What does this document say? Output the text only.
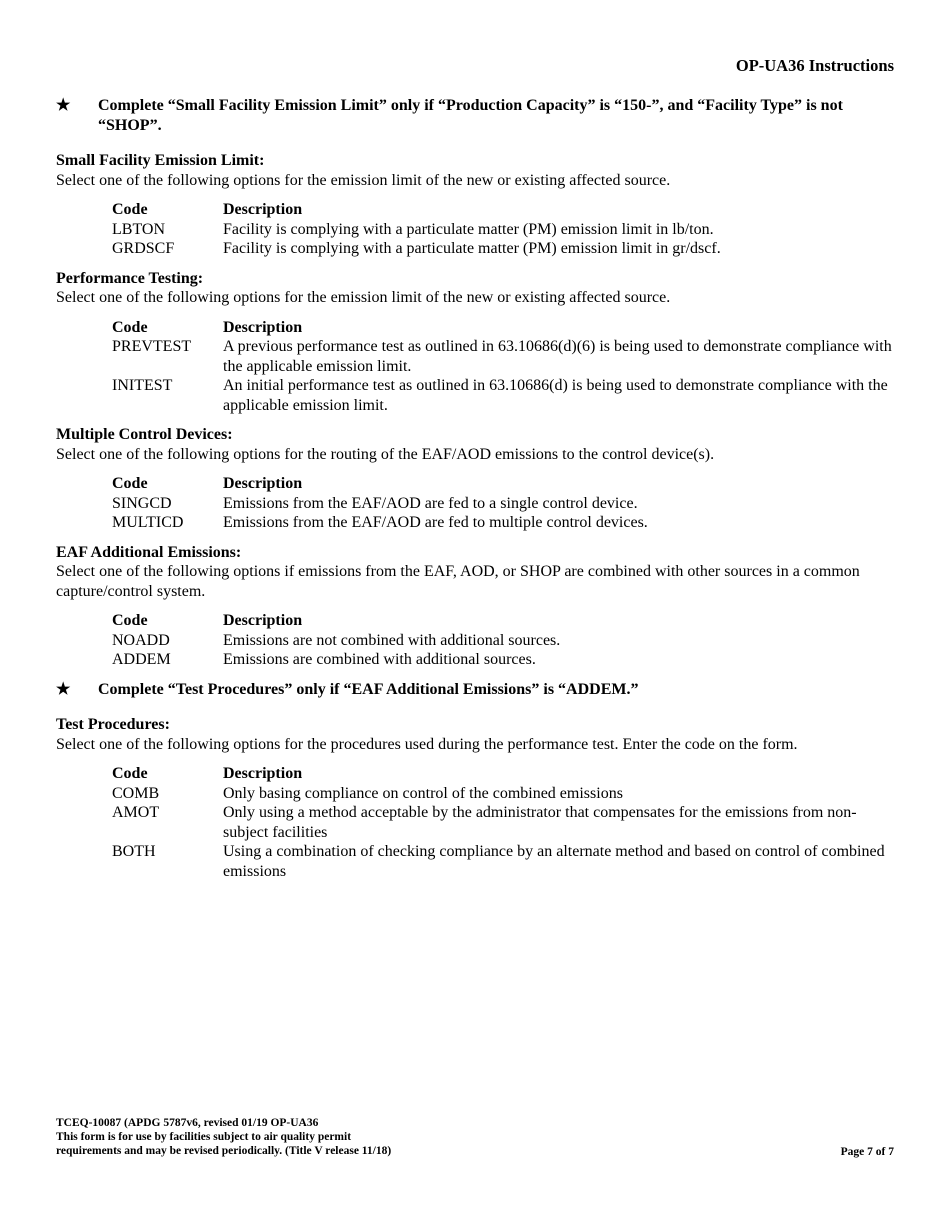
OP-UA36 Instructions
★	Complete “Small Facility Emission Limit” only if “Production Capacity” is “150-”, and “Facility Type” is not “SHOP”.
Small Facility Emission Limit:
Select one of the following options for the emission limit of the new or existing affected source.
Code	Description
LBTON	Facility is complying with a particulate matter (PM) emission limit in lb/ton.
GRDSCF	Facility is complying with a particulate matter (PM) emission limit in gr/dscf.
Performance Testing:
Select one of the following options for the emission limit of the new or existing affected source.
Code	Description
PREVTEST	A previous performance test as outlined in 63.10686(d)(6) is being used to demonstrate compliance with the applicable emission limit.
INITEST	An initial performance test as outlined in 63.10686(d) is being used to demonstrate compliance with the applicable emission limit.
Multiple Control Devices:
Select one of the following options for the routing of the EAF/AOD emissions to the control device(s).
Code	Description
SINGCD	Emissions from the EAF/AOD are fed to a single control device.
MULTICD	Emissions from the EAF/AOD are fed to multiple control devices.
EAF Additional Emissions:
Select one of the following options if emissions from the EAF, AOD, or SHOP are combined with other sources in a common capture/control system.
Code	Description
NOADD	Emissions are not combined with additional sources.
ADDEM	Emissions are combined with additional sources.
★	Complete “Test Procedures” only if “EAF Additional Emissions” is “ADDEM.”
Test Procedures:
Select one of the following options for the procedures used during the performance test. Enter the code on the form.
Code	Description
COMB	Only basing compliance on control of the combined emissions
AMOT	Only using a method acceptable by the administrator that compensates for the emissions from non-subject facilities
BOTH	Using a combination of checking compliance by an alternate method and based on control of combined emissions
TCEQ-10087 (APDG 5787v6, revised 01/19 OP-UA36
This form is for use by facilities subject to air quality permit
requirements and may be revised periodically. (Title V release 11/18)	Page 7 of 7
